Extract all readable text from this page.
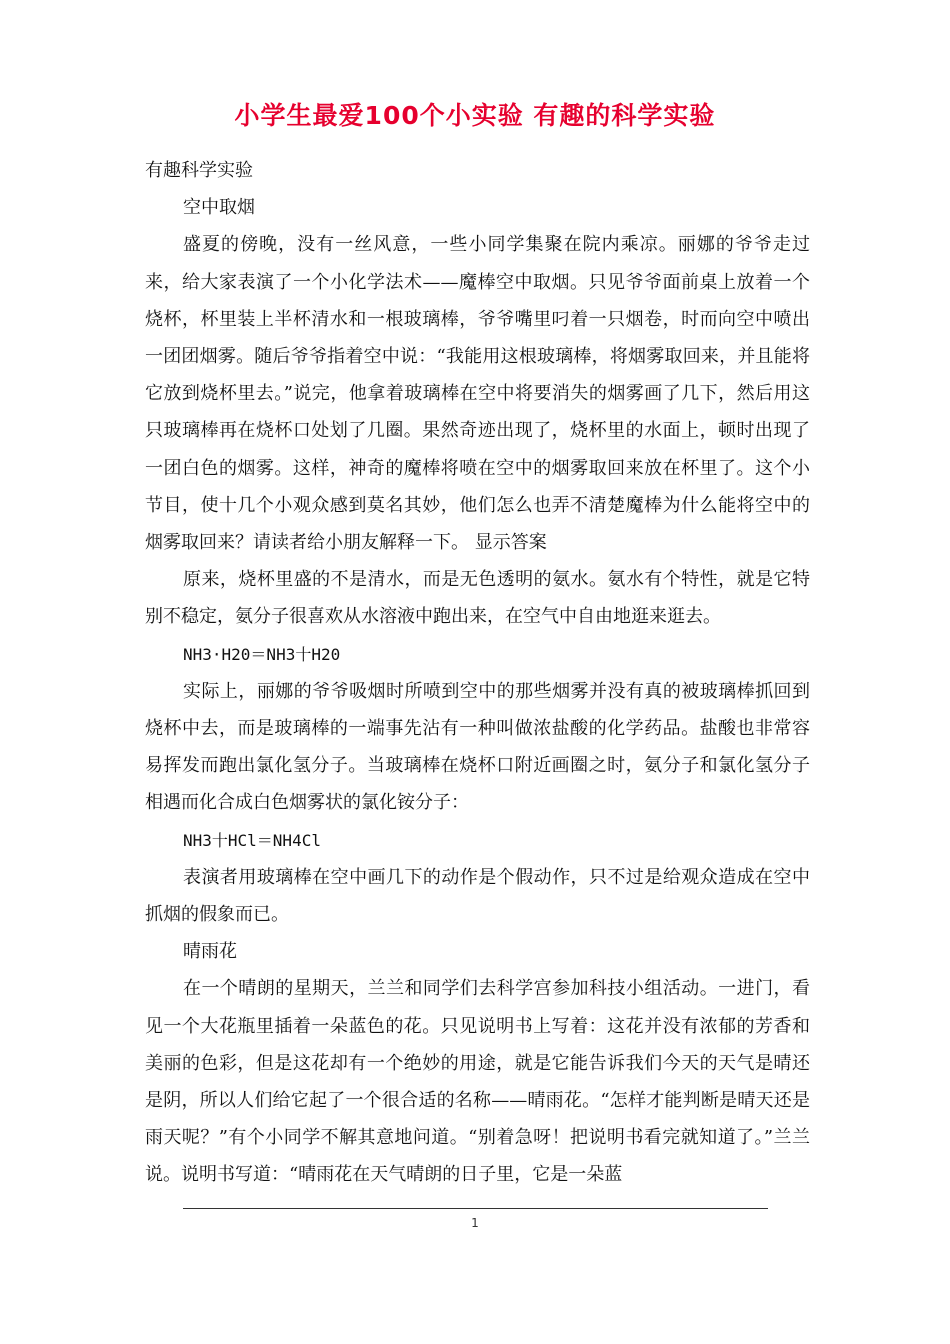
小学生最爱100个小实验 有趣的科学实验

有趣科学实验

空中取烟

盛夏的傍晚，没有一丝风意，一些小同学集聚在院内乘凉。丽娜的爷爷走过来，给大家表演了一个小化学法术——魔棒空中取烟。只见爷爷面前桌上放着一个烧杯，杯里装上半杯清水和一根玻璃棒，爷爷嘴里叼着一只烟卷，时而向空中喷出一团团烟雾。随后爷爷指着空中说：“我能用这根玻璃棒，将烟雾取回来，并且能将它放到烧杯里去。”说完，他拿着玻璃棒在空中将要消失的烟雾画了几下，然后用这只玻璃棒再在烧杯口处划了几圈。果然奇迹出现了，烧杯里的水面上，顿时出现了一团白色的烟雾。这样，神奇的魔棒将喷在空中的烟雾取回来放在杯里了。这个小节目，使十几个小观众感到莫名其妙，他们怎么也弄不清楚魔棒为什么能将空中的烟雾取回来？请读者给小朋友解释一下。 显示答案

原来，烧杯里盛的不是清水，而是无色透明的氨水。氨水有个特性，就是它特别不稳定，氨分子很喜欢从水溶液中跑出来，在空气中自由地逛来逛去。

NH3·H20＝NH3十H20

实际上，丽娜的爷爷吸烟时所喷到空中的那些烟雾并没有真的被玻璃棒抓回到烧杯中去，而是玻璃棒的一端事先沾有一种叫做浓盐酸的化学药品。盐酸也非常容易挥发而跑出氯化氢分子。当玻璃棒在烧杯口附近画圈之时，氨分子和氯化氢分子相遇而化合成白色烟雾状的氯化铵分子：

NH3十HCl＝NH4Cl

表演者用玻璃棒在空中画几下的动作是个假动作，只不过是给观众造成在空中抓烟的假象而已。

晴雨花

在一个晴朗的星期天，兰兰和同学们去科学宫参加科技小组活动。一进门，看见一个大花瓶里插着一朵蓝色的花。只见说明书上写着：这花并没有浓郁的芳香和美丽的色彩，但是这花却有一个绝妙的用途，就是它能告诉我们今天的天气是晴还是阴，所以人们给它起了一个很合适的名称——晴雨花。“怎样才能判断是晴天还是雨天呢？”有个小同学不解其意地问道。“别着急呀！把说明书看完就知道了。”兰兰说。说明书写道：“晴雨花在天气晴朗的日子里，它是一朵蓝

1
